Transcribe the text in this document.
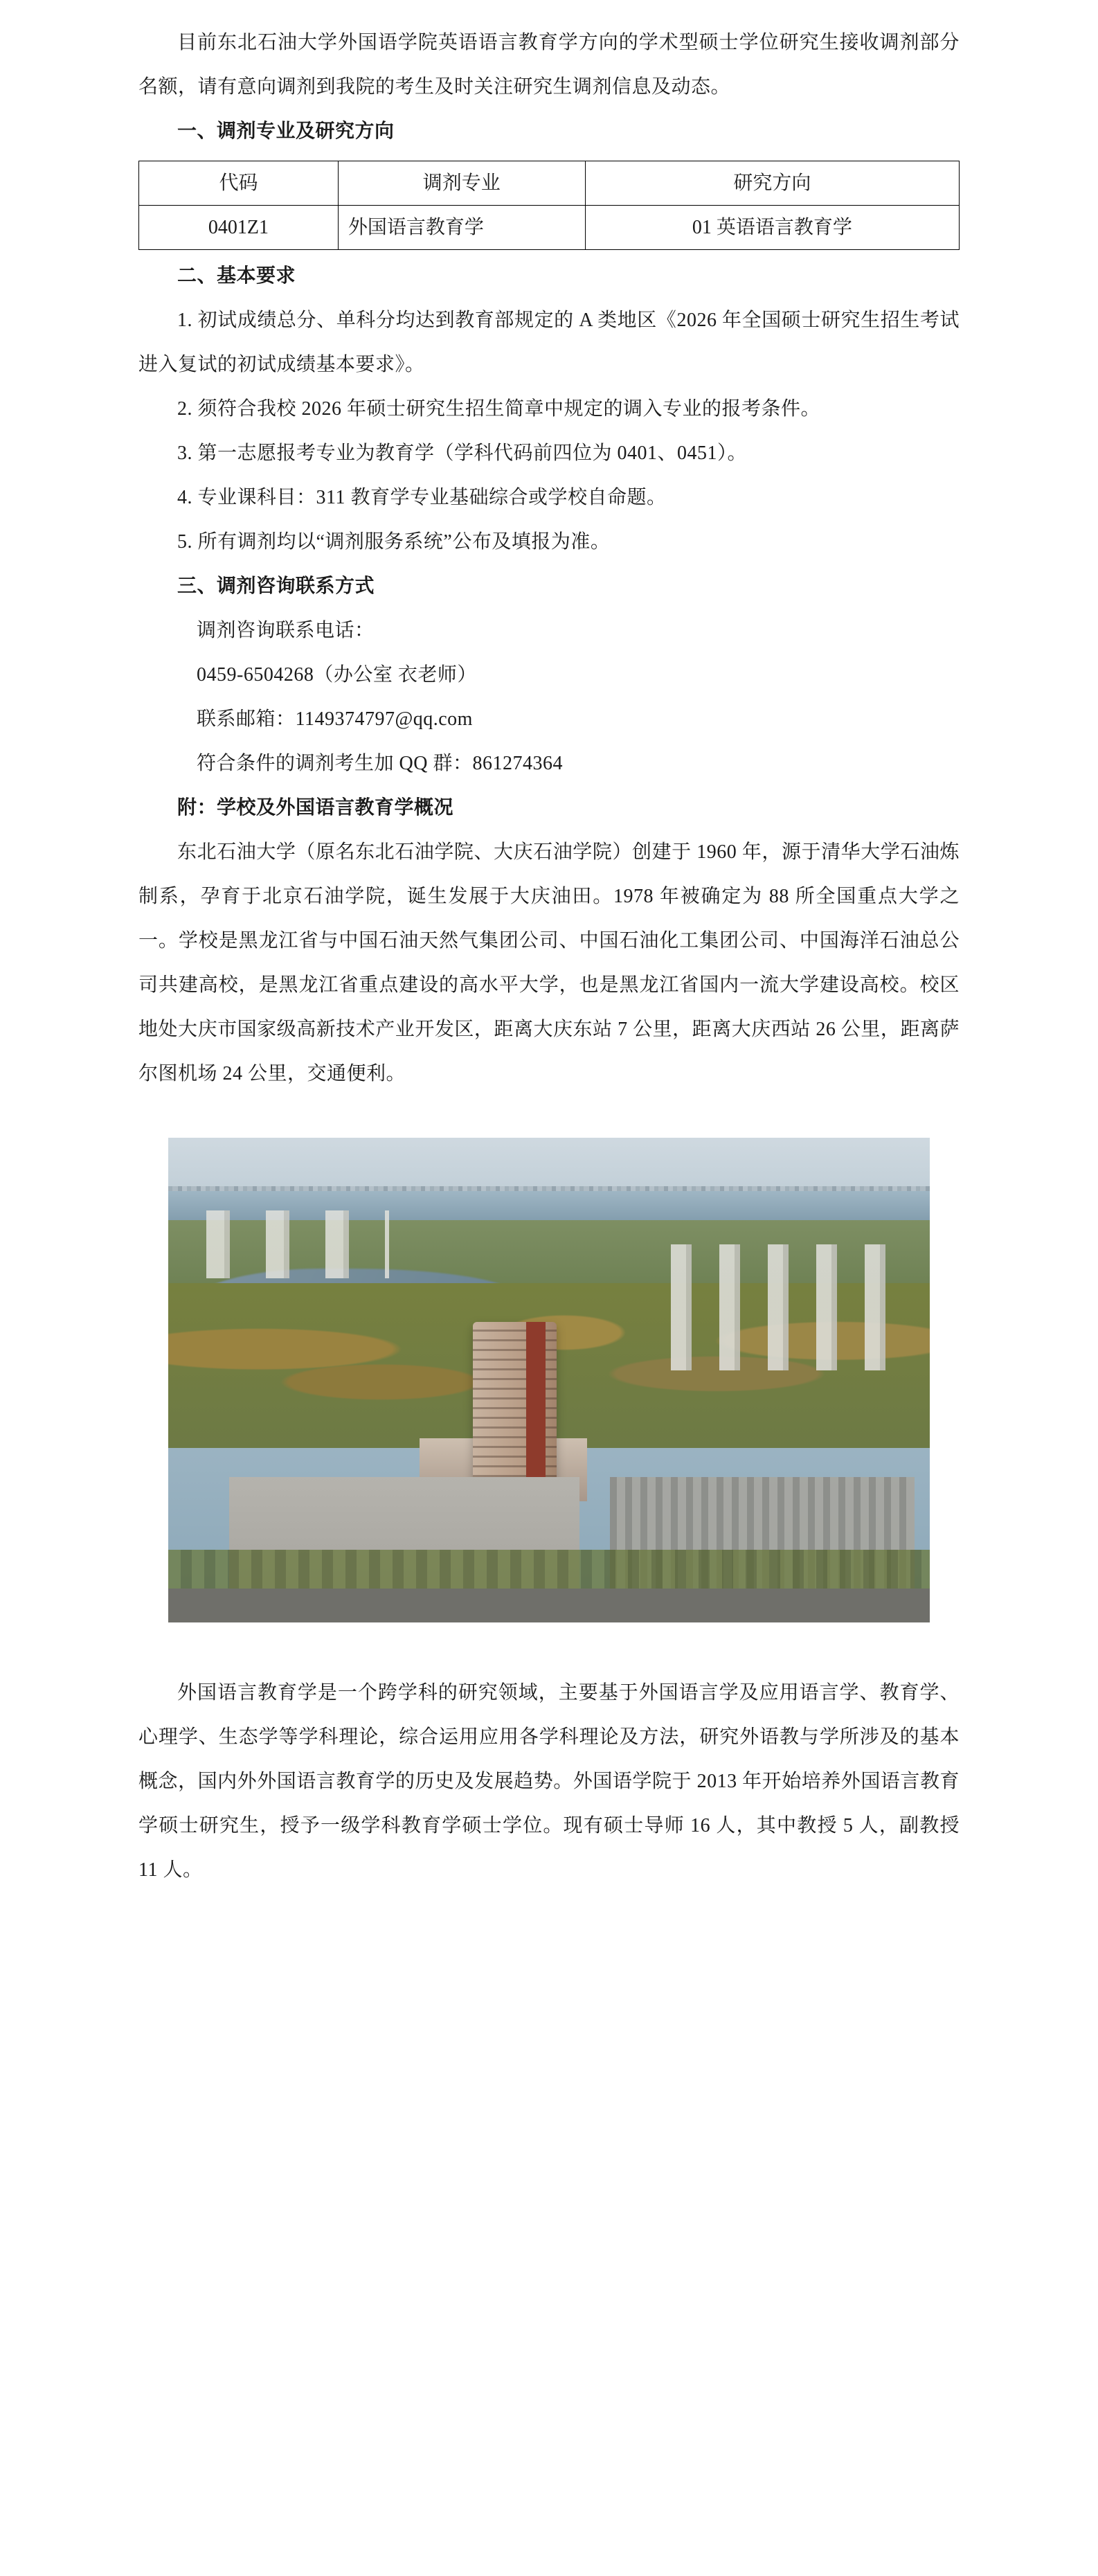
目前东北石油大学外国语学院英语语言教育学方向的学术型硕士学位研究生接收调剂部分名额，请有意向调剂到我院的考生及时关注研究生调剂信息及动态。

一、调剂专业及研究方向

代码	调剂专业	研究方向
0401Z1	外国语言教育学	01 英语语言教育学

二、基本要求

1. 初试成绩总分、单科分均达到教育部规定的 A 类地区《2026 年全国硕士研究生招生考试进入复试的初试成绩基本要求》。

2. 须符合我校 2026 年硕士研究生招生简章中规定的调入专业的报考条件。

3. 第一志愿报考专业为教育学（学科代码前四位为 0401、0451）。

4. 专业课科目：311 教育学专业基础综合或学校自命题。

5. 所有调剂均以“调剂服务系统”公布及填报为准。

三、调剂咨询联系方式

调剂咨询联系电话：

0459-6504268（办公室 衣老师）

联系邮箱：1149374797@qq.com

符合条件的调剂考生加 QQ 群：861274364

附：学校及外国语言教育学概况

东北石油大学（原名东北石油学院、大庆石油学院）创建于 1960 年，源于清华大学石油炼制系，孕育于北京石油学院，诞生发展于大庆油田。1978 年被确定为 88 所全国重点大学之一。学校是黑龙江省与中国石油天然气集团公司、中国石油化工集团公司、中国海洋石油总公司共建高校，是黑龙江省重点建设的高水平大学，也是黑龙江省国内一流大学建设高校。校区地处大庆市国家级高新技术产业开发区，距离大庆东站 7 公里，距离大庆西站 26 公里，距离萨尔图机场 24 公里，交通便利。

外国语言教育学是一个跨学科的研究领域，主要基于外国语言学及应用语言学、教育学、心理学、生态学等学科理论，综合运用应用各学科理论及方法，研究外语教与学所涉及的基本概念，国内外外国语言教育学的历史及发展趋势。外国语学院于 2013 年开始培养外国语言教育学硕士研究生，授予一级学科教育学硕士学位。现有硕士导师 16 人，其中教授 5 人，副教授 11 人。
